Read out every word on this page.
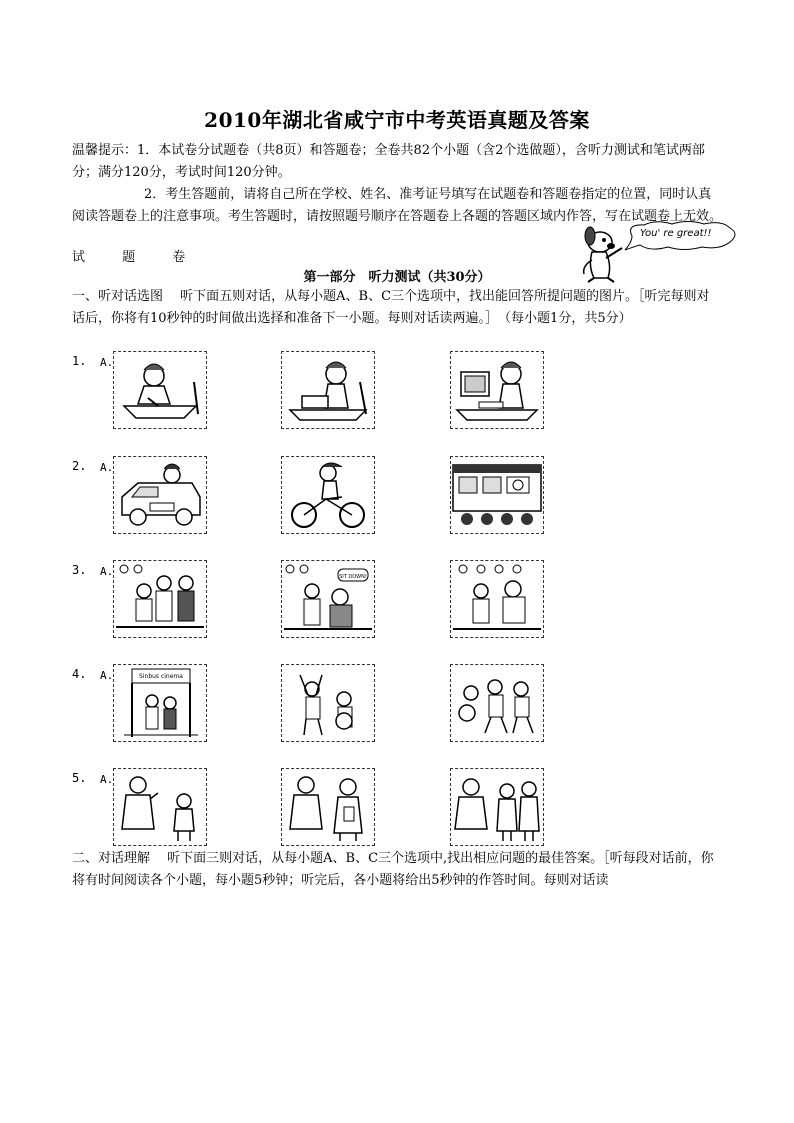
2010年湖北省咸宁市中考英语真题及答案
温馨提示：1．本试卷分试题卷（共8页）和答题卷；全卷共82个小题（含2个选做题），含听力测试和笔试两部分；满分120分，考试时间120分钟。
2．考生答题前，请将自己所在学校、姓名、准考证号填写在试题卷和答题卷指定的位置，同时认真阅读答题卷上的注意事项。考生答题时，请按照题号顺序在答题卷上各题的答题区域内作答，写在试题卷上无效。
试	题	卷
You' re great!!
第一部分　听力测试（共30分）
一、听对话选图　 听下面五则对话，从每小题A、B、C三个选项中，找出能回答所提问题的图片。［听完每则对话后，你将有10秒钟的时间做出选择和准备下一小题。每则对话读两遍。］　（每小题1分，共5分）
1. A.
2. A.
3. A.	SIT DOWN!
4. A.	Sinbus cinema
5. A.
二、对话理解　 听下面三则对话，从每小题A、B、C三个选项中,找出相应问题的最佳答案。［听每段对话前，你将有时间阅读各个小题，每小题5秒钟；听完后，各小题将给出5秒钟的作答时间。每则对话读
